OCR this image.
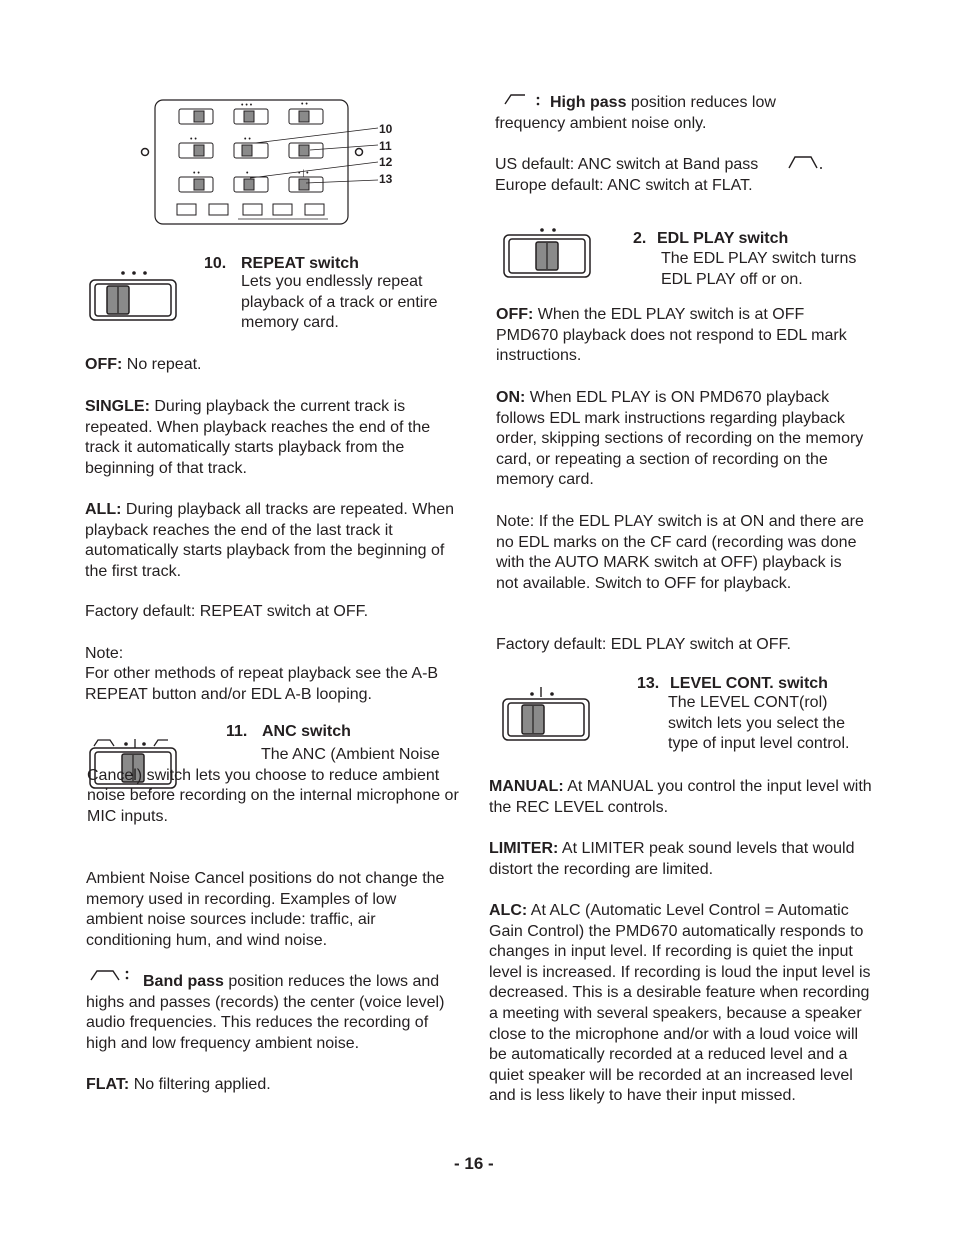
• • •	• •
• •	• •
• •	•	• | •
10
11
12
13
10. REPEAT switch
Lets you endlessly repeat playback of a track or entire memory card.
OFF: No repeat.
SINGLE: During playback the current track is repeated. When playback reaches the end of the track it automatically starts playback from the beginning of that track.
ALL: During playback all tracks are repeated. When playback reaches the end of the last track it automatically starts playback from the beginning of the first track.
Factory default: REPEAT switch at OFF.
Note:
For other methods of repeat playback see the A-B REPEAT button and/or EDL A-B looping.
11. ANC switch
The ANC (Ambient Noise Cancel) switch lets you choose to reduce ambient noise before recording on the internal microphone or MIC inputs.
Ambient Noise Cancel positions do not change the memory used in recording. Examples of low ambient noise sources include: traffic, air conditioning hum, and wind noise.
Band pass position reduces the lows and highs and passes (records) the center (voice level) audio frequencies. This reduces the recording of high and low frequency ambient noise.
FLAT: No filtering applied.
High pass position reduces low frequency ambient noise only.
US default: ANC switch at Band pass
Europe default: ANC switch at FLAT.
2. EDL PLAY switch
The EDL PLAY switch turns EDL PLAY off or on.
OFF: When the EDL PLAY switch is at OFF PMD670 playback does not respond to EDL mark instructions.
ON: When EDL PLAY is ON PMD670 playback follows EDL mark instructions regarding playback order, skipping sections of recording on the memory card, or repeating a section of recording on the memory card.
Note: If the EDL PLAY switch is at ON and there are no EDL marks on the CF card (recording was done with the AUTO MARK switch at OFF) playback is not available. Switch to OFF for playback.
Factory default: EDL PLAY switch at OFF.
13. LEVEL CONT. switch
The LEVEL CONT(rol) switch lets you select the type of input level control.
MANUAL: At MANUAL you control the input level with the REC LEVEL controls.
LIMITER: At LIMITER peak sound levels that would distort the recording are limited.
ALC: At ALC (Automatic Level Control = Automatic Gain Control) the PMD670 automatically responds to changes in input level. If recording is quiet the input level is increased. If recording is loud the input level is decreased. This is a desirable feature when recording a meeting with several speakers, because a speaker close to the microphone and/or with a loud voice will be automatically recorded at a reduced level and a quiet speaker will be recorded at an increased level and is less likely to have their input missed.
- 16 -
